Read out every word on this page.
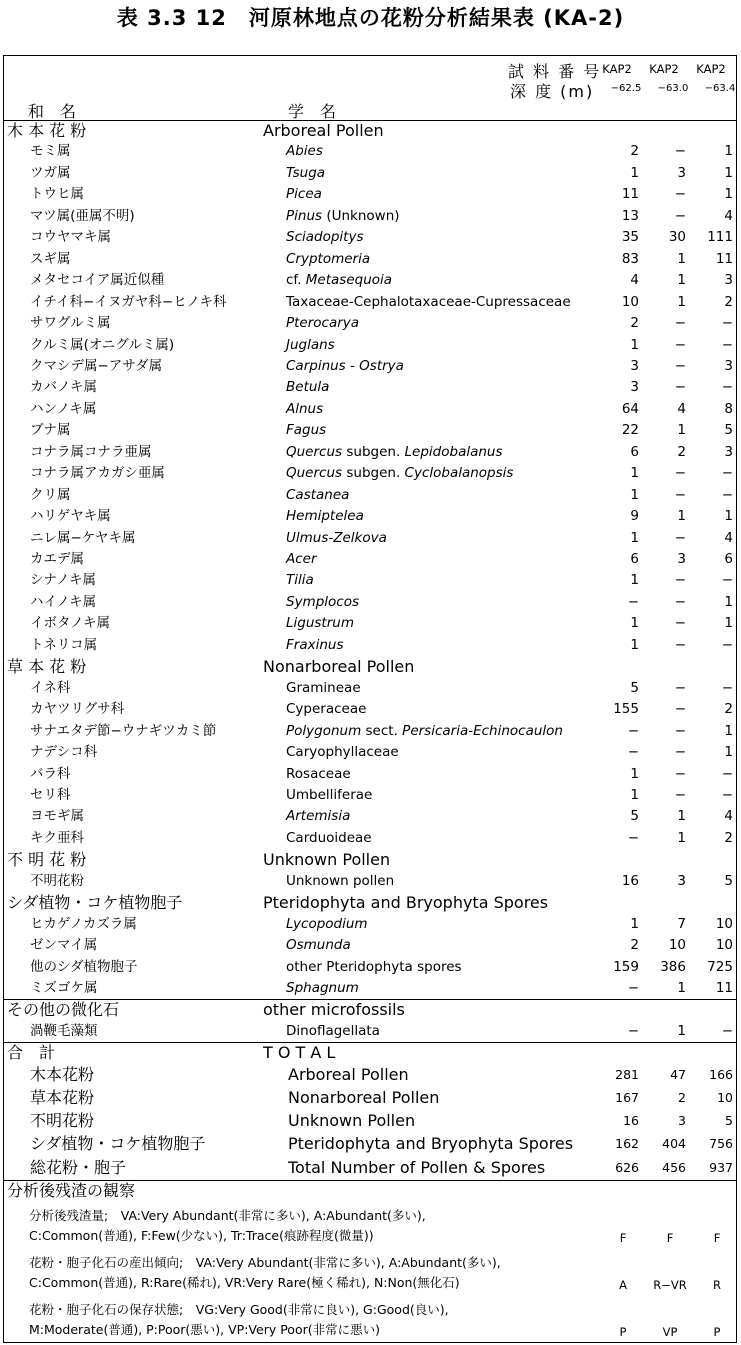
表 3.3 12　河原林地点の花粉分析結果表 (KA-2)
試 料 番 号
深 度 (m)
KAP2	KAP2	KAP2
−62.5	−63.0	−63.4
和　名	学　名
木 本 花 粉	Arboreal Pollen
モミ属	Abies	2	−	1
ツガ属	Tsuga	1	3	1
トウヒ属	Picea	11	−	1
マツ属(亜属不明)	Pinus (Unknown)	13	−	4
コウヤマキ属	Sciadopitys	35	30	111
スギ属	Cryptomeria	83	1	11
メタセコイア属近似種	cf. Metasequoia	4	1	3
イチイ科−イヌガヤ科−ヒノキ科	Taxaceae-Cephalotaxaceae-Cupressaceae	10	1	2
サワグルミ属	Pterocarya	2	−	−
クルミ属(オニグルミ属)	Juglans	1	−	−
クマシデ属−アサダ属	Carpinus - Ostrya	3	−	3
カバノキ属	Betula	3	−	−
ハンノキ属	Alnus	64	4	8
ブナ属	Fagus	22	1	5
コナラ属コナラ亜属	Quercus subgen. Lepidobalanus	6	2	3
コナラ属アカガシ亜属	Quercus subgen. Cyclobalanopsis	1	−	−
クリ属	Castanea	1	−	−
ハリゲヤキ属	Hemiptelea	9	1	1
ニレ属−ケヤキ属	Ulmus-Zelkova	1	−	4
カエデ属	Acer	6	3	6
シナノキ属	Tilia	1	−	−
ハイノキ属	Symplocos	−	−	1
イボタノキ属	Ligustrum	1	−	1
トネリコ属	Fraxinus	1	−	−
草 本 花 粉	Nonarboreal Pollen
イネ科	Gramineae	5	−	−
カヤツリグサ科	Cyperaceae	155	−	2
サナエタデ節−ウナギツカミ節	Polygonum sect. Persicaria-Echinocaulon	−	−	1
ナデシコ科	Caryophyllaceae	−	−	1
バラ科	Rosaceae	1	−	−
セリ科	Umbelliferae	1	−	−
ヨモギ属	Artemisia	5	1	4
キク亜科	Carduoideae	−	1	2
不 明 花 粉	Unknown Pollen
不明花粉	Unknown pollen	16	3	5
シダ植物・コケ植物胞子	Pteridophyta and Bryophyta Spores
ヒカゲノカズラ属	Lycopodium	1	7	10
ゼンマイ属	Osmunda	2	10	10
他のシダ植物胞子	other Pteridophyta spores	159	386	725
ミズゴケ属	Sphagnum	−	1	11
その他の微化石	other microfossils
渦鞭毛藻類	Dinoflagellata	−	1	−
合　計	T O T A L
木本花粉	Arboreal Pollen	281	47	166
草本花粉	Nonarboreal Pollen	167	2	10
不明花粉	Unknown Pollen	16	3	5
シダ植物・コケ植物胞子	Pteridophyta and Bryophyta Spores	162	404	756
総花粉・胞子	Total Number of Pollen & Spores	626	456	937
分析後残渣の観察
分析後残渣量;　VA:Very Abundant(非常に多い), A:Abundant(多い),
C:Common(普通), F:Few(少ない), Tr:Trace(痕跡程度(微量))	F	F	F
花粉・胞子化石の産出傾向;　VA:Very Abundant(非常に多い), A:Abundant(多い),
C:Common(普通), R:Rare(稀れ), VR:Very Rare(極く稀れ), N:Non(無化石)	A	R−VR	R
花粉・胞子化石の保存状態;　VG:Very Good(非常に良い), G:Good(良い),
M:Moderate(普通), P:Poor(悪い), VP:Very Poor(非常に悪い)	P	VP	P
